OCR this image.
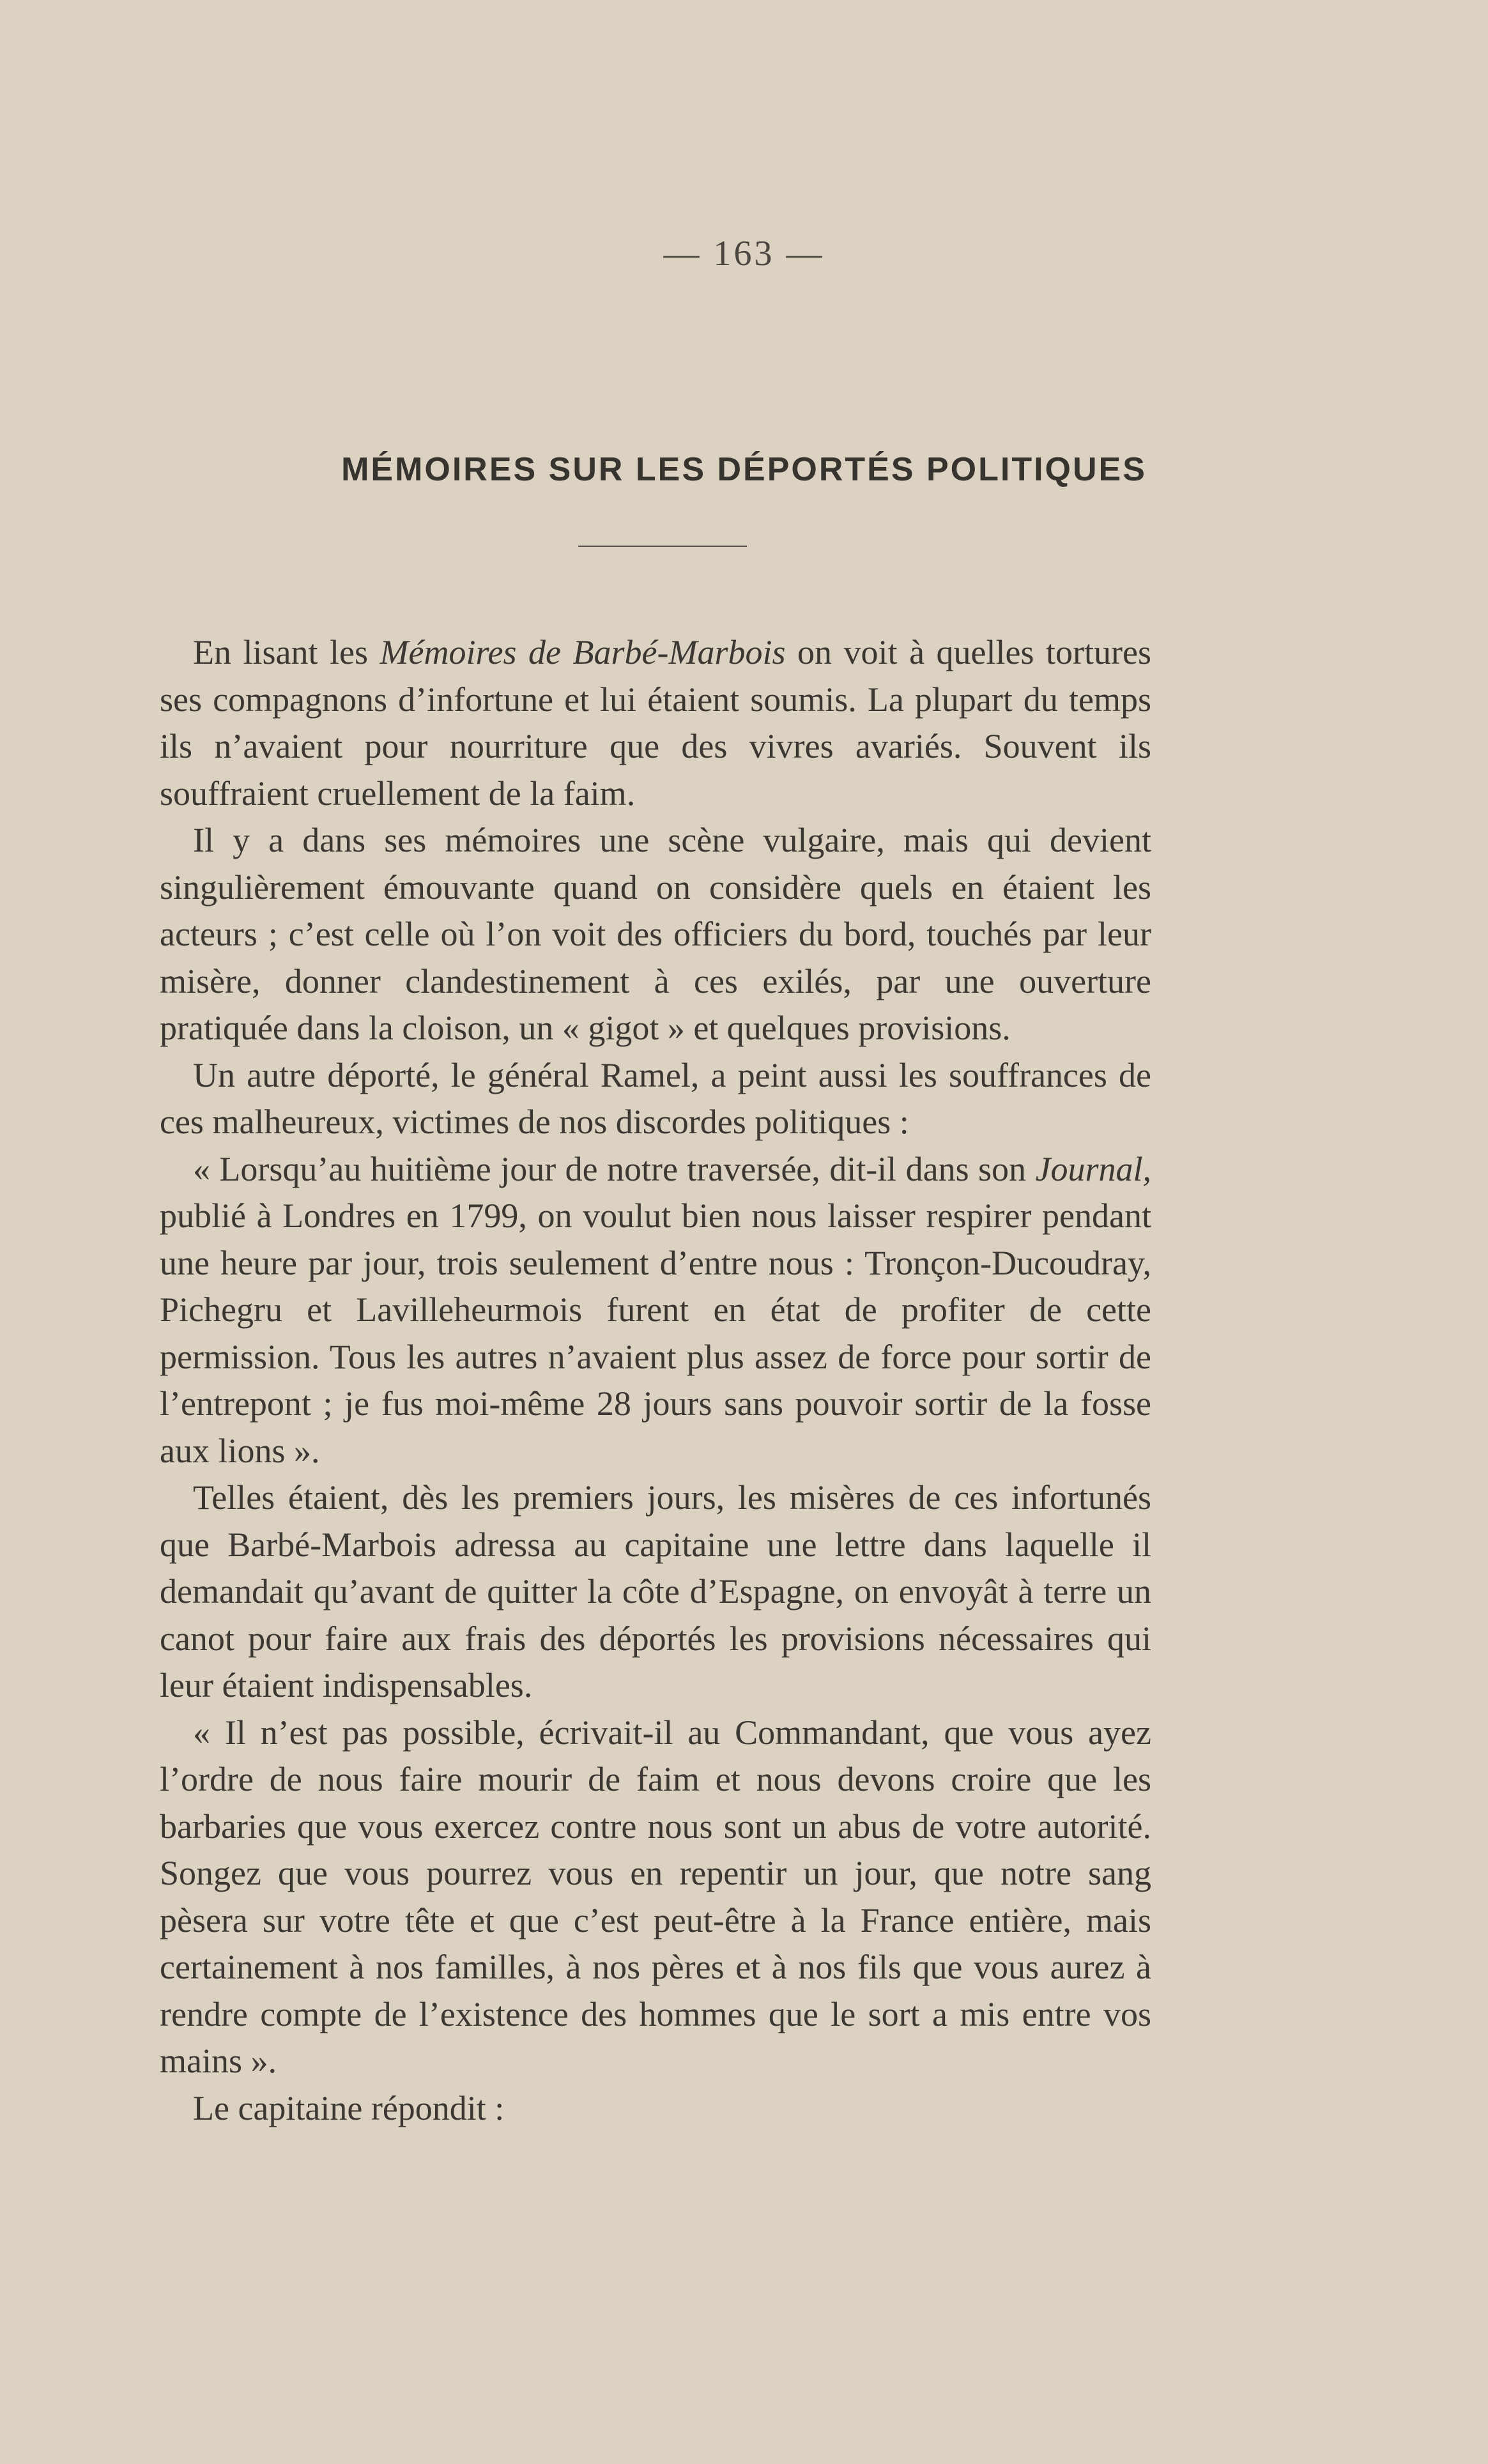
— 163 —
MÉMOIRES SUR LES DÉPORTÉS POLITIQUES

En lisant les Mémoires de Barbé-Marbois on voit à quelles tortures ses compagnons d’infortune et lui étaient soumis. La plupart du temps ils n’avaient pour nourriture que des vivres avariés. Souvent ils souffraient cruellement de la faim.

Il y a dans ses mémoires une scène vulgaire, mais qui devient singulièrement émouvante quand on considère quels en étaient les acteurs ; c’est celle où l’on voit des officiers du bord, touchés par leur misère, donner clandestinement à ces exilés, par une ouverture pratiquée dans la cloison, un « gigot » et quelques provisions.

Un autre déporté, le général Ramel, a peint aussi les souffrances de ces malheureux, victimes de nos discordes politiques :

« Lorsqu’au huitième jour de notre traversée, dit-il dans son Journal, publié à Londres en 1799, on voulut bien nous laisser respirer pendant une heure par jour, trois seulement d’entre nous : Tronçon-Ducoudray, Pichegru et Lavilleheurmois furent en état de profiter de cette permission. Tous les autres n’avaient plus assez de force pour sortir de l’entrepont ; je fus moi-même 28 jours sans pouvoir sortir de la fosse aux lions ».

Telles étaient, dès les premiers jours, les misères de ces infortunés que Barbé-Marbois adressa au capitaine une lettre dans laquelle il demandait qu’avant de quitter la côte d’Espagne, on envoyât à terre un canot pour faire aux frais des déportés les provisions nécessaires qui leur étaient indispensables.

« Il n’est pas possible, écrivait-il au Commandant, que vous ayez l’ordre de nous faire mourir de faim et nous devons croire que les barbaries que vous exercez contre nous sont un abus de votre autorité. Songez que vous pourrez vous en repentir un jour, que notre sang pèsera sur votre tête et que c’est peut-être à la France entière, mais certainement à nos familles, à nos pères et à nos fils que vous aurez à rendre compte de l’existence des hommes que le sort a mis entre vos mains ».

Le capitaine répondit :
